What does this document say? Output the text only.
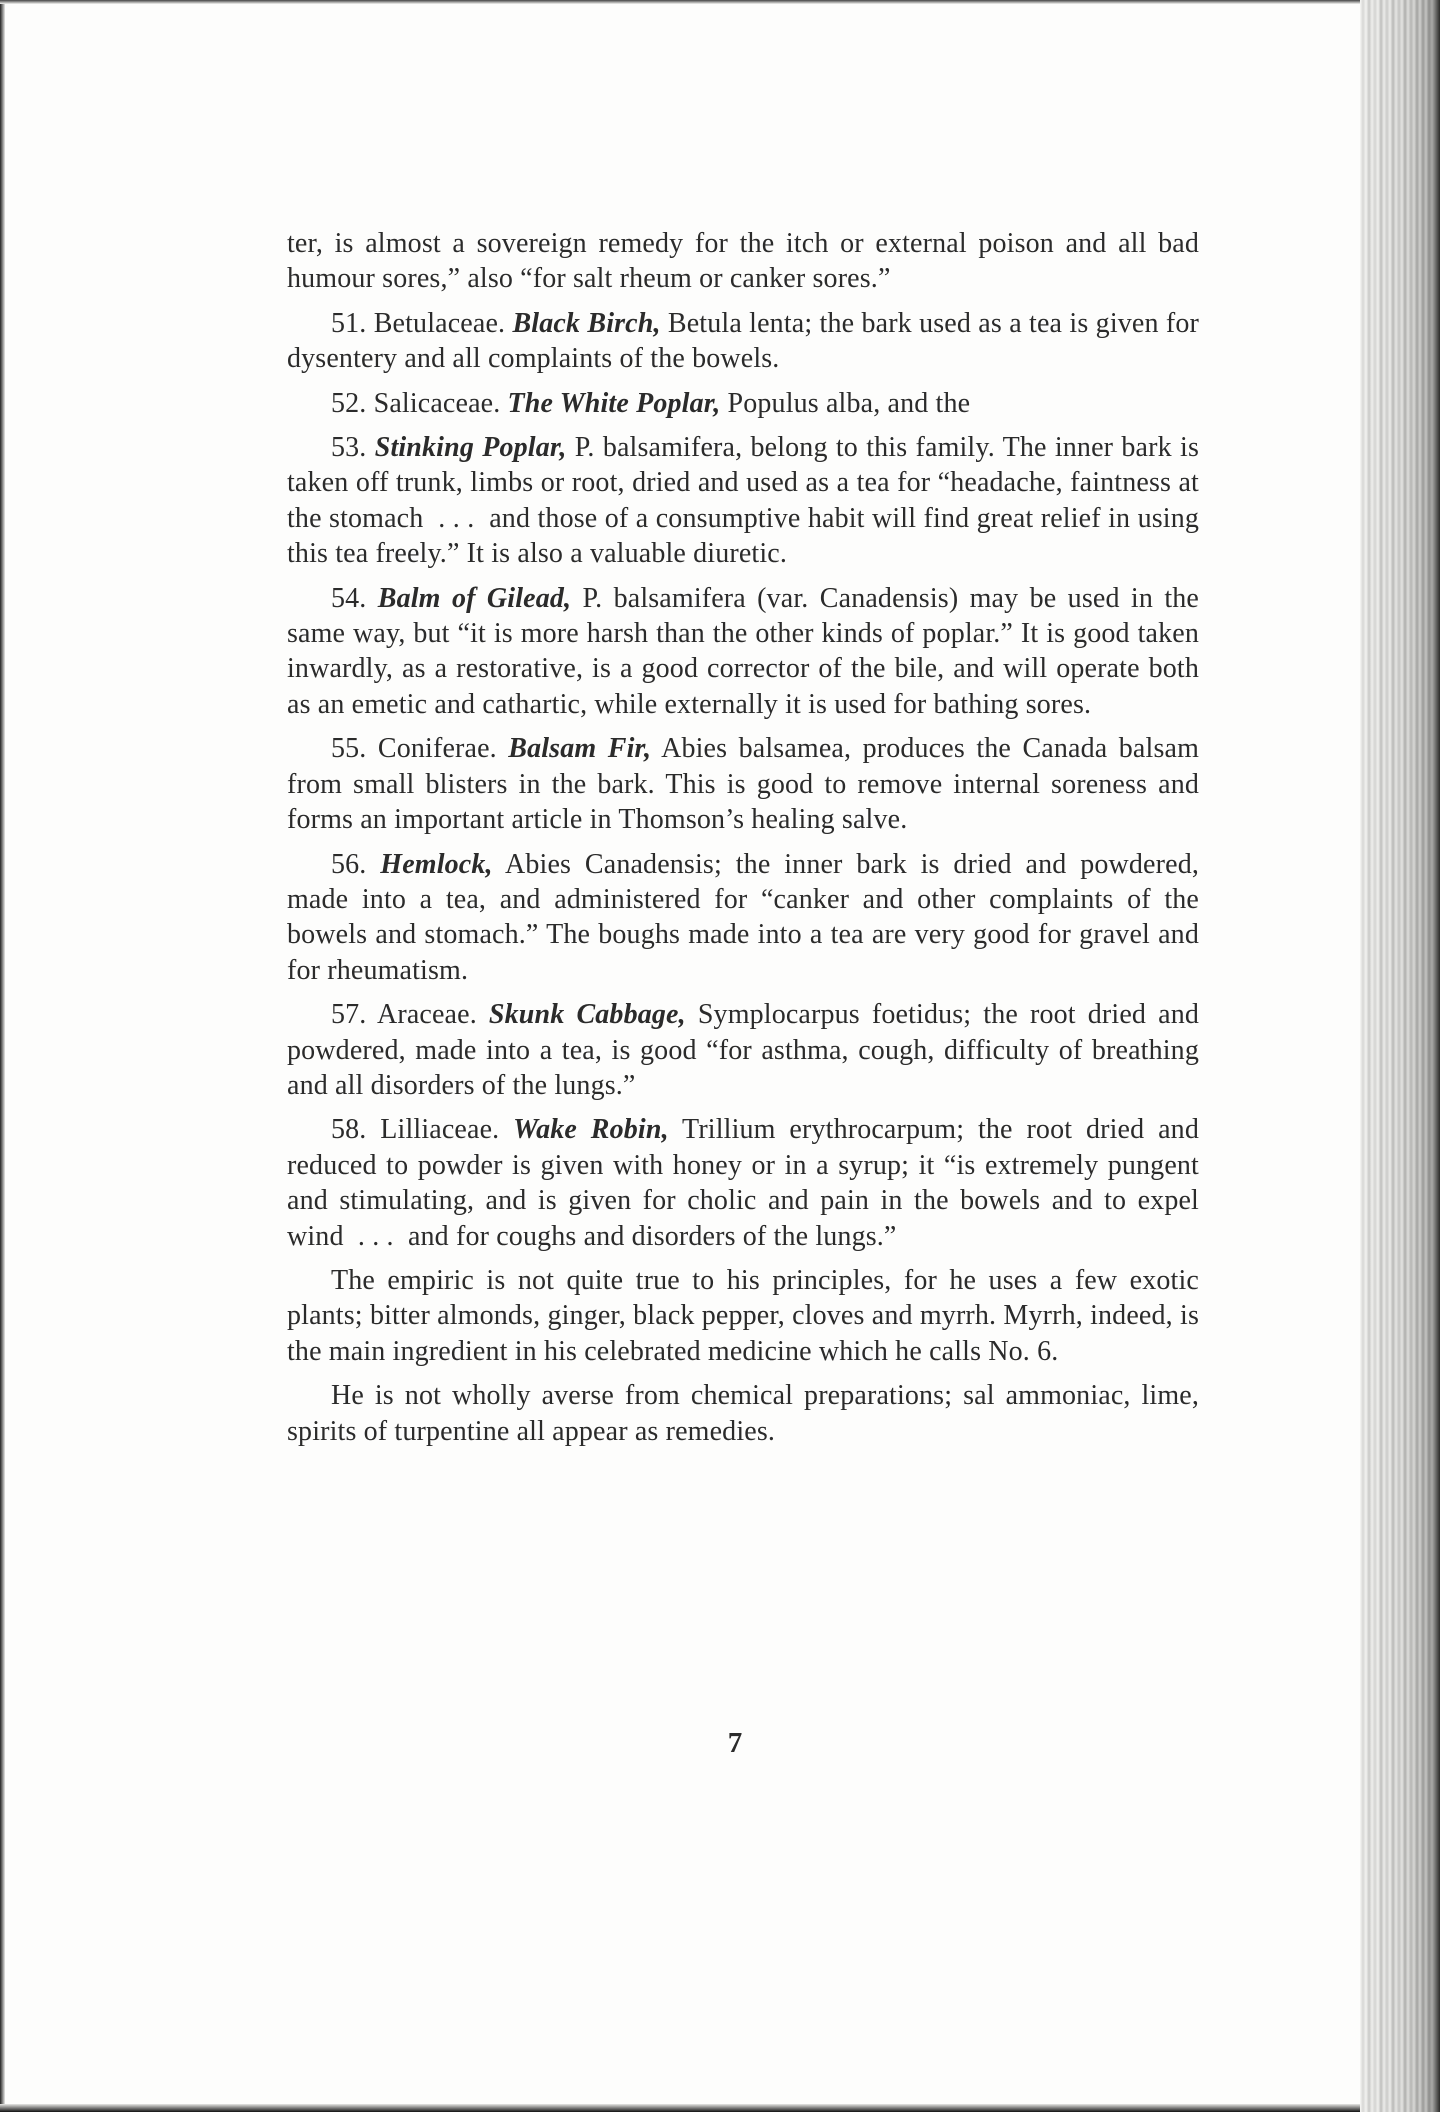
ter, is almost a sovereign remedy for the itch or external poison and all bad humour sores,” also “for salt rheum or canker sores.”

51. Betulaceae. Black Birch, Betula lenta; the bark used as a tea is given for dysentery and all complaints of the bowels.

52. Salicaceae. The White Poplar, Populus alba, and the

53. Stinking Poplar, P. balsamifera, belong to this family. The inner bark is taken off trunk, limbs or root, dried and used as a tea for “headache, faintness at the stomach  . . .  and those of a consumptive habit will find great relief in using this tea freely.” It is also a valuable diuretic.

54. Balm of Gilead, P. balsamifera (var. Canadensis) may be used in the same way, but “it is more harsh than the other kinds of poplar.” It is good taken inwardly, as a restorative, is a good corrector of the bile, and will operate both as an emetic and cathartic, while externally it is used for bathing sores.

55. Coniferae. Balsam Fir, Abies balsamea, produces the Canada balsam from small blisters in the bark. This is good to remove internal soreness and forms an important article in Thomson’s healing salve.

56. Hemlock, Abies Canadensis; the inner bark is dried and powdered, made into a tea, and administered for “canker and other complaints of the bowels and stomach.” The boughs made into a tea are very good for gravel and for rheumatism.

57. Araceae. Skunk Cabbage, Symplocarpus foetidus; the root dried and powdered, made into a tea, is good “for asthma, cough, difficulty of breathing and all disorders of the lungs.”

58. Lilliaceae. Wake Robin, Trillium erythrocarpum; the root dried and reduced to powder is given with honey or in a syrup; it “is extremely pungent and stimulating, and is given for cholic and pain in the bowels and to expel wind  . . .  and for coughs and disorders of the lungs.”

The empiric is not quite true to his principles, for he uses a few exotic plants; bitter almonds, ginger, black pepper, cloves and myrrh. Myrrh, indeed, is the main ingredient in his celebrated medicine which he calls No. 6.

He is not wholly averse from chemical preparations; sal ammoniac, lime, spirits of turpentine all appear as remedies.

7
